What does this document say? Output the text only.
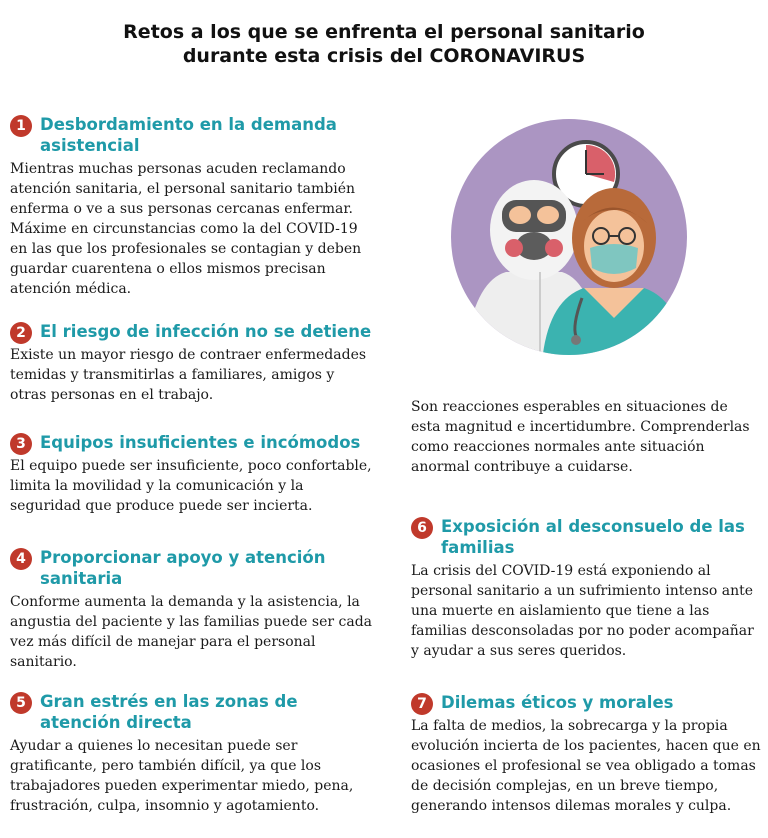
Retos a los que se enfrenta el personal sanitario
durante esta crisis del CORONAVIRUS
1 Desbordamiento en la demanda asistencial
Mientras muchas personas acuden reclamando atención sanitaria, el personal sanitario también enferma o ve a sus personas cercanas enfermar. Máxime en circunstancias como la del COVID-19 en las que los profesionales se contagian y deben guardar cuarentena o ellos mismos precisan atención médica.
2 El riesgo de infección no se detiene
Existe un mayor riesgo de contraer enfermedades temidas y transmitirlas a familiares, amigos y otras personas en el trabajo.
3 Equipos insuficientes e incómodos
El equipo puede ser insuficiente, poco confortable, limita la movilidad y la comunicación y la seguridad que produce puede ser incierta.
4 Proporcionar apoyo y atención sanitaria
Conforme aumenta la demanda y la asistencia, la angustia del paciente y las familias puede ser cada vez más difícil de manejar para el personal sanitario.
5 Gran estrés en las zonas de atención directa
Ayudar a quienes lo necesitan puede ser gratificante, pero también difícil, ya que los trabajadores pueden experimentar miedo, pena, frustración, culpa, insomnio y agotamiento.
Son reacciones esperables en situaciones de esta magnitud e incertidumbre. Comprenderlas como reacciones normales ante situación anormal contribuye a cuidarse.
6 Exposición al desconsuelo de las familias
La crisis del COVID-19 está exponiendo al personal sanitario a un sufrimiento intenso ante una muerte en aislamiento que tiene a las familias desconsoladas por no poder acompañar y ayudar a sus seres queridos.
7 Dilemas éticos y morales
La falta de medios, la sobrecarga y la propia evolución incierta de los pacientes, hacen que en ocasiones el profesional se vea obligado a tomas de decisión complejas, en un breve tiempo, generando intensos dilemas morales y culpa.
